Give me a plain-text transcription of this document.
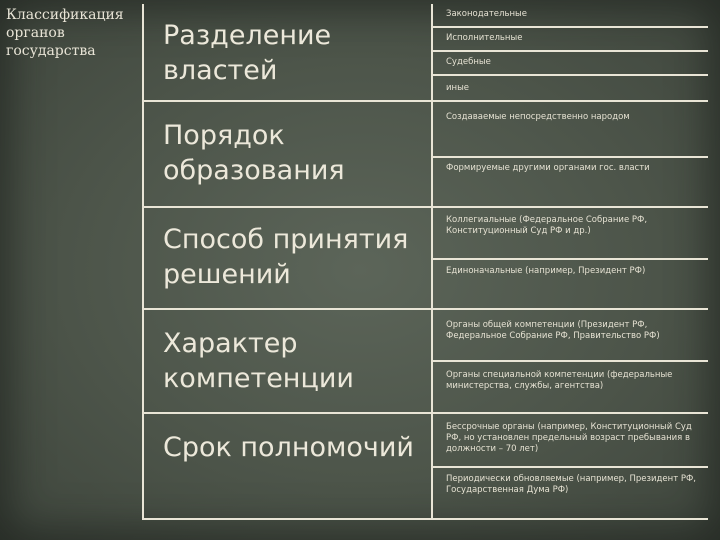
Классификация органов государства	Разделение властей
Порядок образования
Способ принятия решений
Характер компетенции
Срок полномочий
Законодательные
Исполнительные
Судебные
иные
Создаваемые непосредственно народом
Формируемые другими органами гос. власти
Коллегиальные (Федеральное Собрание РФ, Конституционный Суд РФ и др.)
Единоначальные (например, Президент РФ)
Органы общей компетенции (Президент РФ, Федеральное Собрание РФ, Правительство РФ)
Органы специальной компетенции (федеральные министерства, службы, агентства)
Бессрочные органы (например, Конституционный Суд РФ, но установлен предельный возраст пребывания в должности – 70 лет)
Периодически обновляемые (например, Президент РФ, Государственная Дума РФ)
